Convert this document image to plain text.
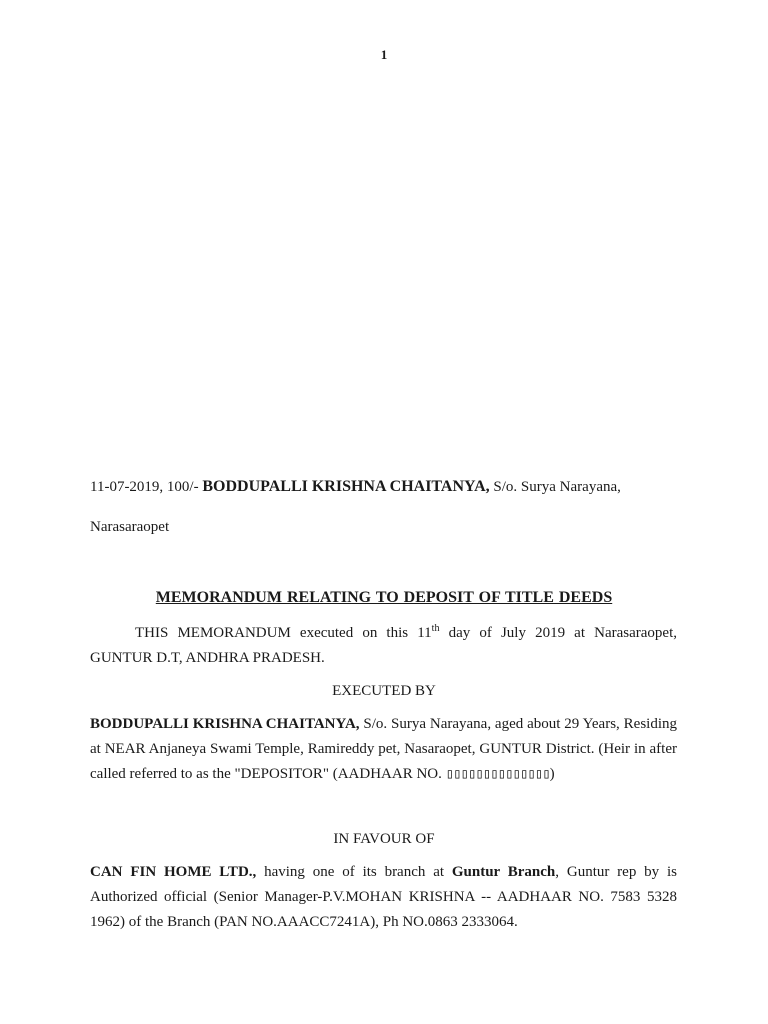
1
11-07-2019, 100/- BODDUPALLI KRISHNA CHAITANYA, S/o. Surya Narayana,
Narasaraopet
MEMORANDUM RELATING TO DEPOSIT OF TITLE DEEDS
THIS MEMORANDUM executed on this 11th day of July 2019 at Narasaraopet, GUNTUR D.T, ANDHRA PRADESH.
EXECUTED BY
BODDUPALLI KRISHNA CHAITANYA, S/o. Surya Narayana, aged about 29 Years, Residing at NEAR Anjaneya Swami Temple, Ramireddy pet, Nasaraopet, GUNTUR District. (Heir in after called referred to as the "DEPOSITOR" (AADHAAR NO. ▯▯▯▯▯▯▯▯▯▯▯▯▯▯)
IN FAVOUR OF
CAN FIN HOME LTD., having one of its branch at Guntur Branch, Guntur rep by is Authorized official (Senior Manager-P.V.MOHAN KRISHNA -- AADHAAR NO. 7583 5328 1962) of the Branch (PAN NO.AAACC7241A), Ph NO.0863 2333064.
